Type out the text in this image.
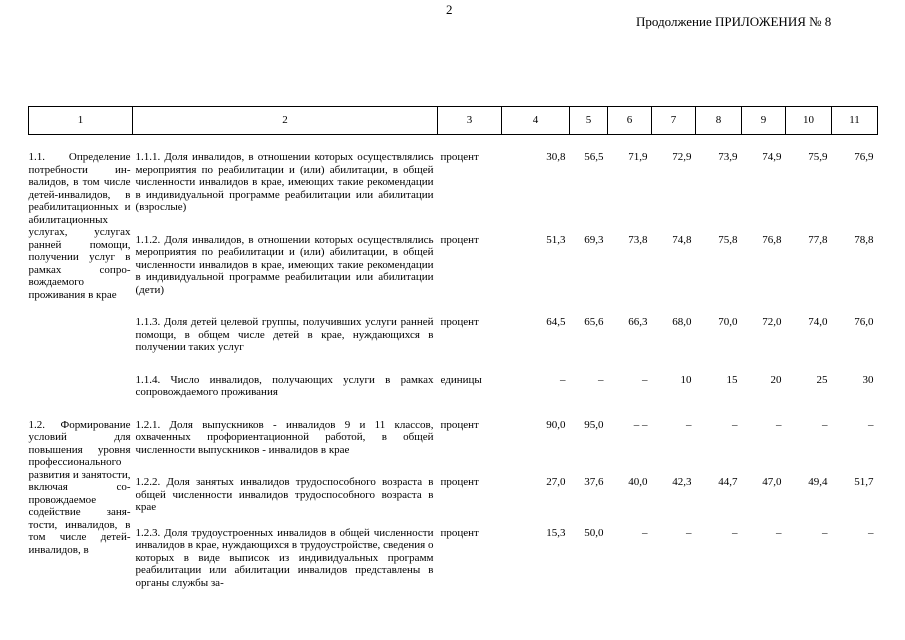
2
Продолжение ПРИЛОЖЕНИЯ № 8
1	2	3	4	5	6	7	8	9	10	11
1.1. Определение потребности инвалидов, в том числе детей-инвалидов, в реабилитационных и абилитационных услугах, услугах ранней помощи, получении услуг в рамках сопровождаемого проживания в крае	1.1.1. Доля инвалидов, в отношении которых осуществлялись мероприятия по реабилитации и (или) абилитации, в общей численности инвалидов в крае, имеющих такие рекомендации в индивидуальной программе реабилитации или абилитации (взрослые)	процент	30,8	56,5	71,9	72,9	73,9	74,9	75,9	76,9
	1.1.2. Доля инвалидов, в отношении которых осуществлялись мероприятия по реабилитации и (или) абилитации, в общей численности инвалидов в крае, имеющих такие рекомендации в индивидуальной программе реабилитации или абилитации (дети)	процент	51,3	69,3	73,8	74,8	75,8	76,8	77,8	78,8
	1.1.3. Доля детей целевой группы, получивших услуги ранней помощи, в общем числе детей в крае, нуждающихся в получении таких услуг	процент	64,5	65,6	66,3	68,0	70,0	72,0	74,0	76,0
	1.1.4. Число инвалидов, получающих услуги в рамках сопровождаемого проживания	единицы	–	–	–	10	15	20	25	30
1.2. Формирование условий для повышения уровня профессионального развития и занятости, включая сопровождаемое содействие занятости, инвалидов, в том числе детей-инвалидов, в	1.2.1. Доля выпускников - инвалидов 9 и 11 классов, охваченных профориентационной работой, в общей численности выпускников - инвалидов в крае	процент	90,0	95,0	– –	–	–	–	–	–
	1.2.2. Доля занятых инвалидов трудоспособного возраста в общей численности инвалидов трудоспособного возраста в крае	процент	27,0	37,6	40,0	42,3	44,7	47,0	49,4	51,7
	1.2.3. Доля трудоустроенных инвалидов в общей численности инвалидов в крае, нуждающихся в трудоустройстве, сведения о которых в виде выписок из индивидуальных программ реабилитации или абилитации инвалидов представлены в органы службы за-	процент	15,3	50,0	–	–	–	–	–	–
